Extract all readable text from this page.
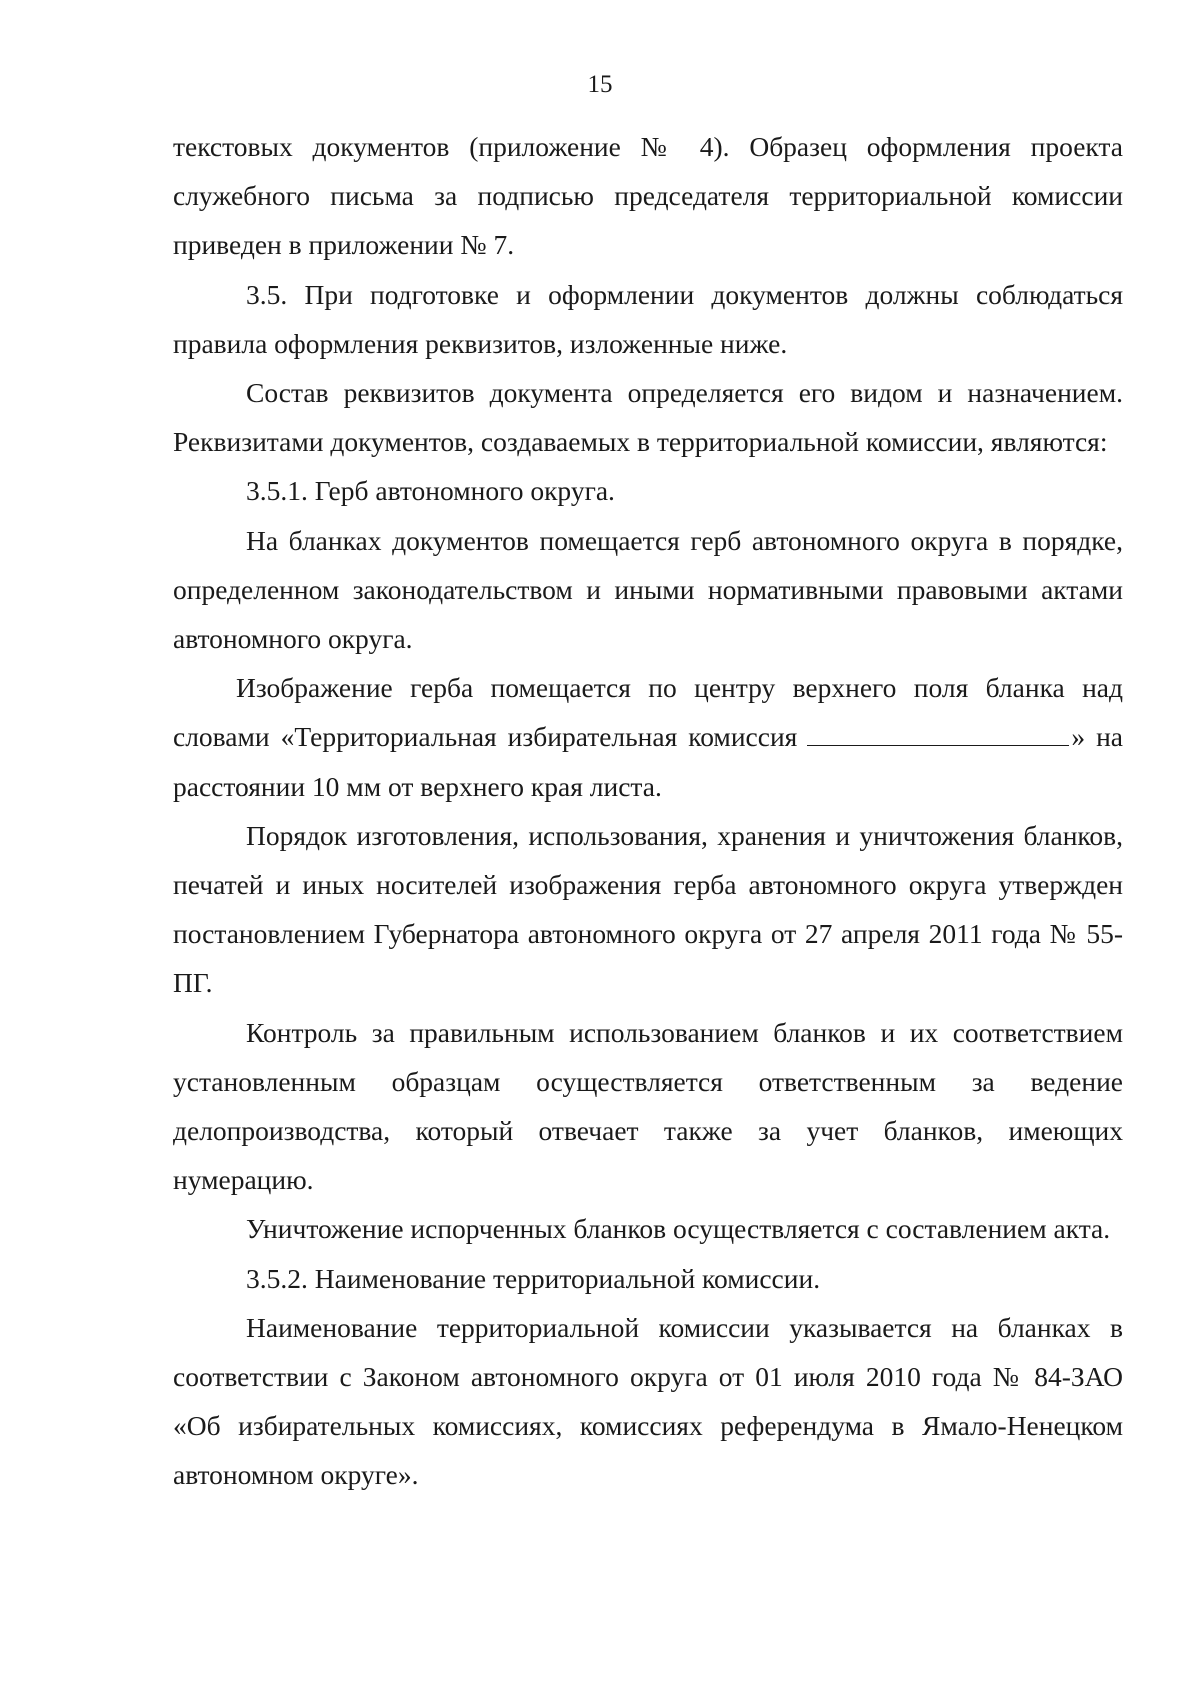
15

текстовых документов (приложение № 4). Образец оформления проекта служебного письма за подписью председателя территориальной комиссии приведен в приложении № 7.

3.5. При подготовке и оформлении документов должны соблюдаться правила оформления реквизитов, изложенные ниже.

Состав реквизитов документа определяется его видом и назначением. Реквизитами документов, создаваемых в территориальной комиссии, являются:

3.5.1. Герб автономного округа.

На бланках документов помещается герб автономного округа в порядке, определенном законодательством и иными нормативными правовыми актами автономного округа.

Изображение герба помещается по центру верхнего поля бланка над словами «Территориальная избирательная комиссия	» на расстоянии 10 мм от верхнего края листа.

Порядок изготовления, использования, хранения и уничтожения бланков, печатей и иных носителей изображения герба автономного округа утвержден постановлением Губернатора автономного округа от 27 апреля 2011 года № 55-ПГ.

Контроль за правильным использованием бланков и их соответствием установленным образцам осуществляется ответственным за ведение делопроизводства, который отвечает также за учет бланков, имеющих нумерацию.

Уничтожение испорченных бланков осуществляется с составлением акта.

3.5.2. Наименование территориальной комиссии.

Наименование территориальной комиссии указывается на бланках в соответствии с Законом автономного округа от 01 июля 2010 года № 84-ЗАО «Об избирательных комиссиях, комиссиях референдума в Ямало-Ненецком автономном округе».
